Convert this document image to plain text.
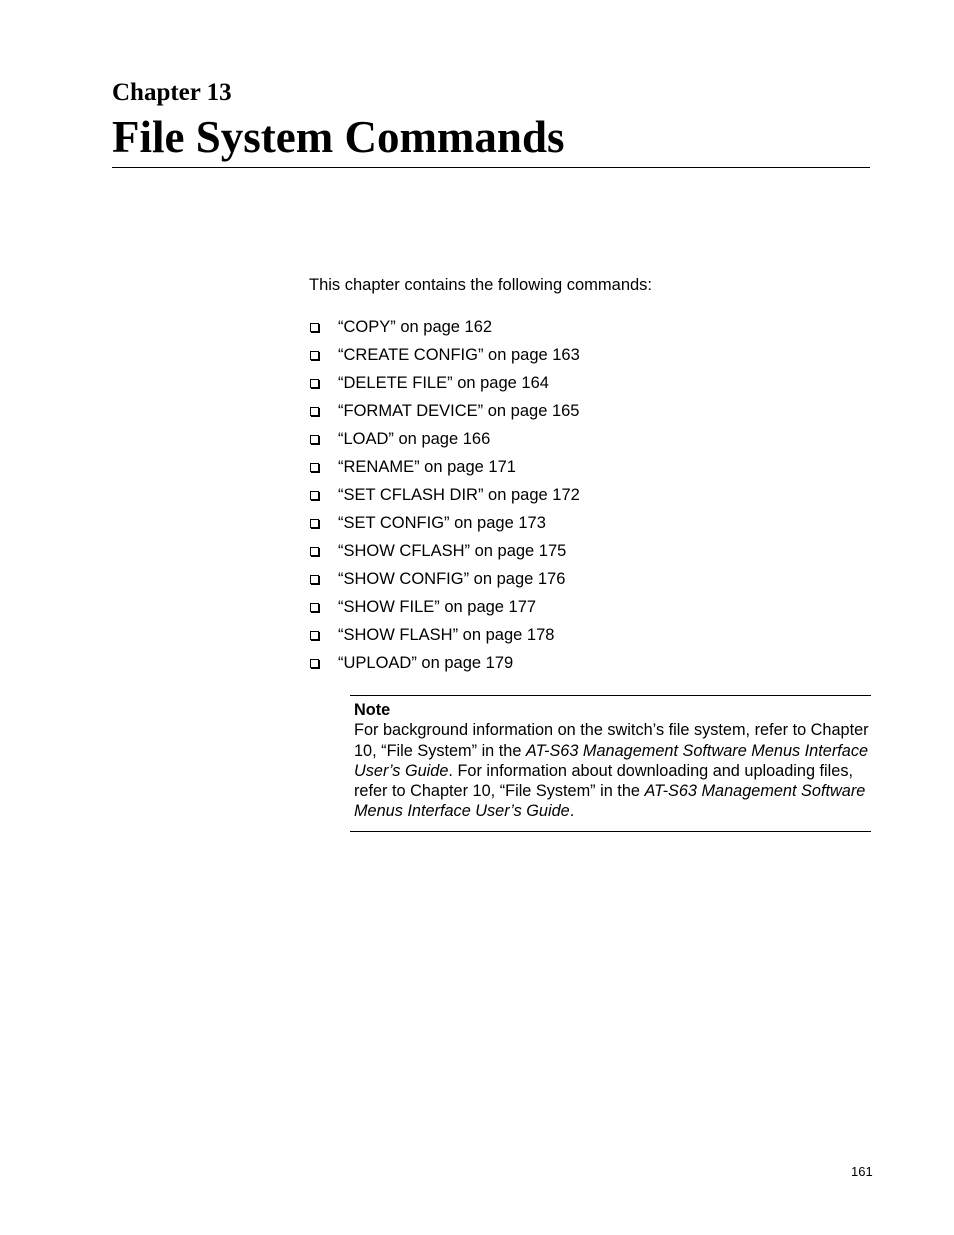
Chapter 13
File System Commands
This chapter contains the following commands:
“COPY” on page 162
“CREATE CONFIG” on page 163
“DELETE FILE” on page 164
“FORMAT DEVICE” on page 165
“LOAD” on page 166
“RENAME” on page 171
“SET CFLASH DIR” on page 172
“SET CONFIG” on page 173
“SHOW CFLASH” on page 175
“SHOW CONFIG” on page 176
“SHOW FILE” on page 177
“SHOW FLASH” on page 178
“UPLOAD” on page 179
Note
For background information on the switch’s file system, refer to Chapter 10, “File System” in the AT-S63 Management Software Menus Interface User’s Guide. For information about downloading and uploading files, refer to Chapter 10, “File System” in the AT-S63 Management Software Menus Interface User’s Guide.
161
